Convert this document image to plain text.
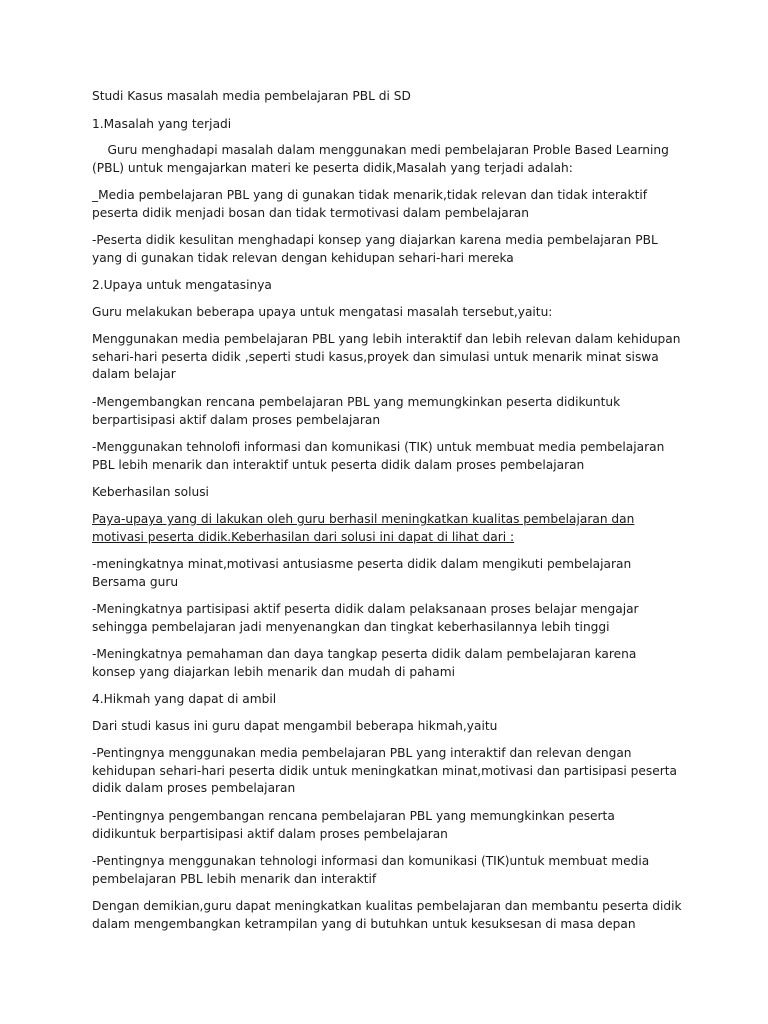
Studi Kasus masalah media pembelajaran PBL di SD

1.Masalah yang terjadi

Guru menghadapi masalah dalam menggunakan medi pembelajaran Proble Based Learning (PBL) untuk mengajarkan materi ke peserta didik,Masalah yang terjadi adalah:

_Media pembelajaran PBL yang di gunakan tidak menarik,tidak relevan dan tidak interaktif peserta didik menjadi bosan dan tidak termotivasi dalam pembelajaran

-Peserta didik kesulitan menghadapi konsep yang diajarkan karena media pembelajaran PBL yang di gunakan tidak relevan dengan kehidupan sehari-hari mereka

2.Upaya untuk mengatasinya

Guru melakukan beberapa upaya untuk mengatasi masalah tersebut,yaitu:

Menggunakan media pembelajaran PBL yang lebih interaktif dan lebih relevan dalam kehidupan sehari-hari peserta didik ,seperti studi kasus,proyek dan simulasi untuk menarik minat siswa dalam belajar

-Mengembangkan rencana pembelajaran PBL yang memungkinkan peserta didikuntuk berpartisipasi aktif dalam proses pembelajaran

-Menggunakan tehnolofi informasi dan komunikasi (TIK) untuk membuat media pembelajaran PBL lebih menarik dan interaktif untuk peserta didik dalam proses pembelajaran

Keberhasilan solusi

Paya-upaya yang di lakukan oleh guru berhasil meningkatkan kualitas pembelajaran dan motivasi peserta didik.Keberhasilan dari solusi ini dapat di lihat dari :

-meningkatnya minat,motivasi antusiasme peserta didik dalam mengikuti pembelajaran Bersama guru

-Meningkatnya partisipasi aktif peserta didik dalam pelaksanaan proses belajar mengajar sehingga pembelajaran jadi menyenangkan dan tingkat keberhasilannya lebih tinggi

-Meningkatnya pemahaman dan daya tangkap peserta didik dalam pembelajaran karena konsep yang diajarkan lebih menarik dan mudah di pahami

4.Hikmah yang dapat di ambil

Dari studi kasus ini guru dapat mengambil beberapa hikmah,yaitu

-Pentingnya menggunakan media pembelajaran PBL yang interaktif dan relevan dengan kehidupan sehari-hari peserta didik untuk meningkatkan minat,motivasi dan partisipasi peserta didik dalam proses pembelajaran

-Pentingnya pengembangan rencana pembelajaran PBL yang memungkinkan peserta didikuntuk berpartisipasi aktif dalam proses pembelajaran

-Pentingnya menggunakan tehnologi informasi dan komunikasi (TIK)untuk membuat media pembelajaran PBL lebih menarik dan interaktif

Dengan demikian,guru dapat meningkatkan kualitas pembelajaran dan membantu peserta didik dalam mengembangkan ketrampilan yang di butuhkan untuk kesuksesan di masa depan
